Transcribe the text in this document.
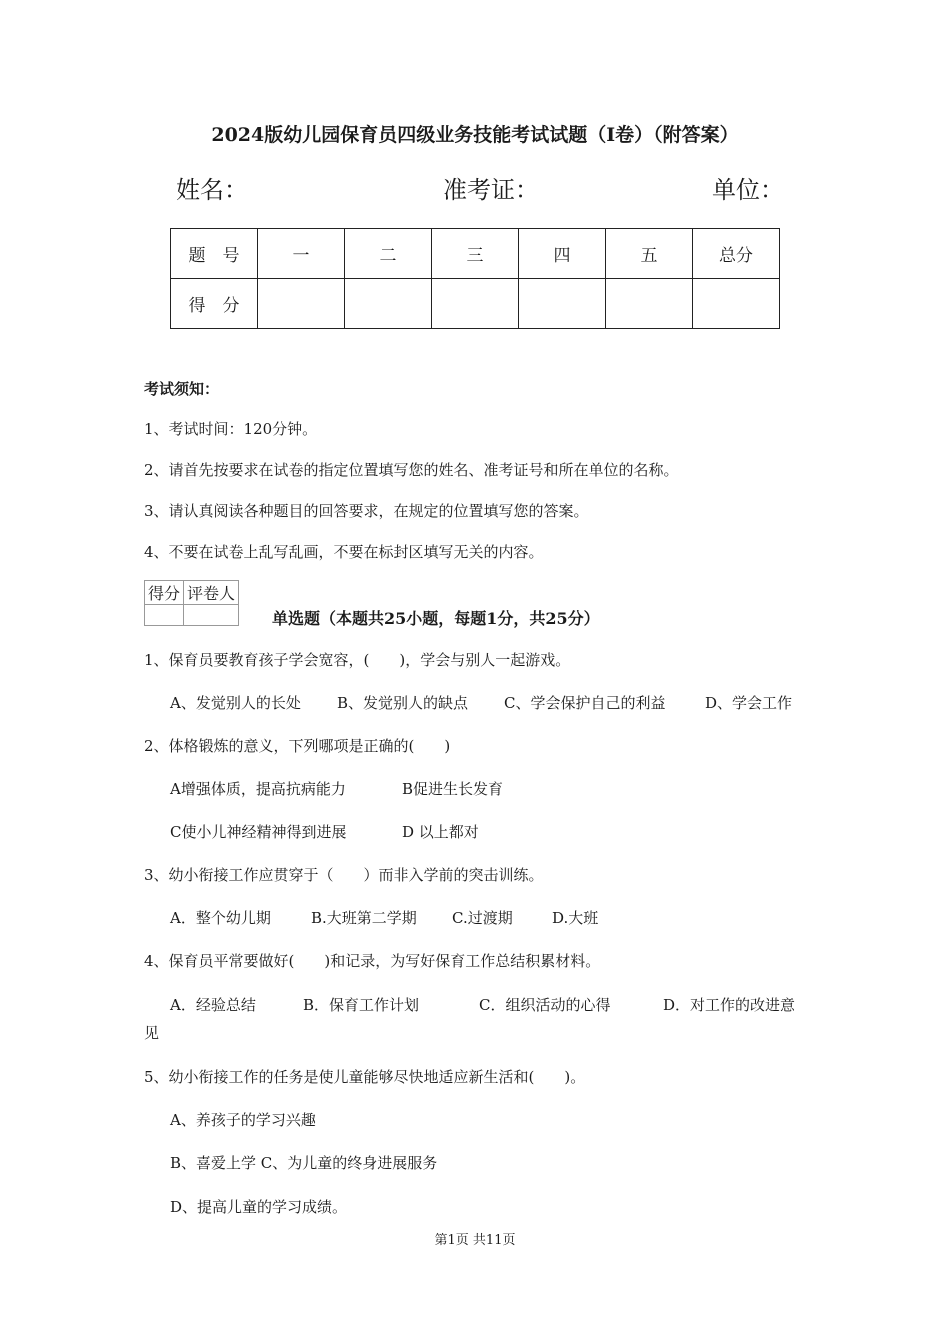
2024版幼儿园保育员四级业务技能考试试题（I卷）（附答案）
姓名：	准考证：	单位：
题　号	一	二	三	四	五	总分
得　分						
考试须知：
1、考试时间：120分钟。
2、请首先按要求在试卷的指定位置填写您的姓名、准考证号和所在单位的名称。
3、请认真阅读各种题目的回答要求，在规定的位置填写您的答案。
4、不要在试卷上乱写乱画，不要在标封区填写无关的内容。
得分	评卷人

单选题（本题共25小题，每题1分，共25分）
1、保育员要教育孩子学会宽容，(　　)，学会与别人一起游戏。
A、发觉别人的长处 B、发觉别人的缺点 C、学会保护自己的利益	D、学会工作
2、体格锻炼的意义，下列哪项是正确的(　　)
A增强体质，提高抗病能力	B促进生长发育
C使小儿神经精神得到进展	D 以上都对
3、幼小衔接工作应贯穿于（　　）而非入学前的突击训练。
A．整个幼儿期	B.大班第二学期 C.过渡期	D.大班
4、保育员平常要做好(　　)和记录，为写好保育工作总结积累材料。
A．经验总结	B．保育工作计划	C．组织活动的心得	D．对工作的改进意
见
5、幼小衔接工作的任务是使儿童能够尽快地适应新生活和(　　)。
A、养孩子的学习兴趣
B、喜爱上学 C、为儿童的终身进展服务
D、提高儿童的学习成绩。
第1页 共11页
